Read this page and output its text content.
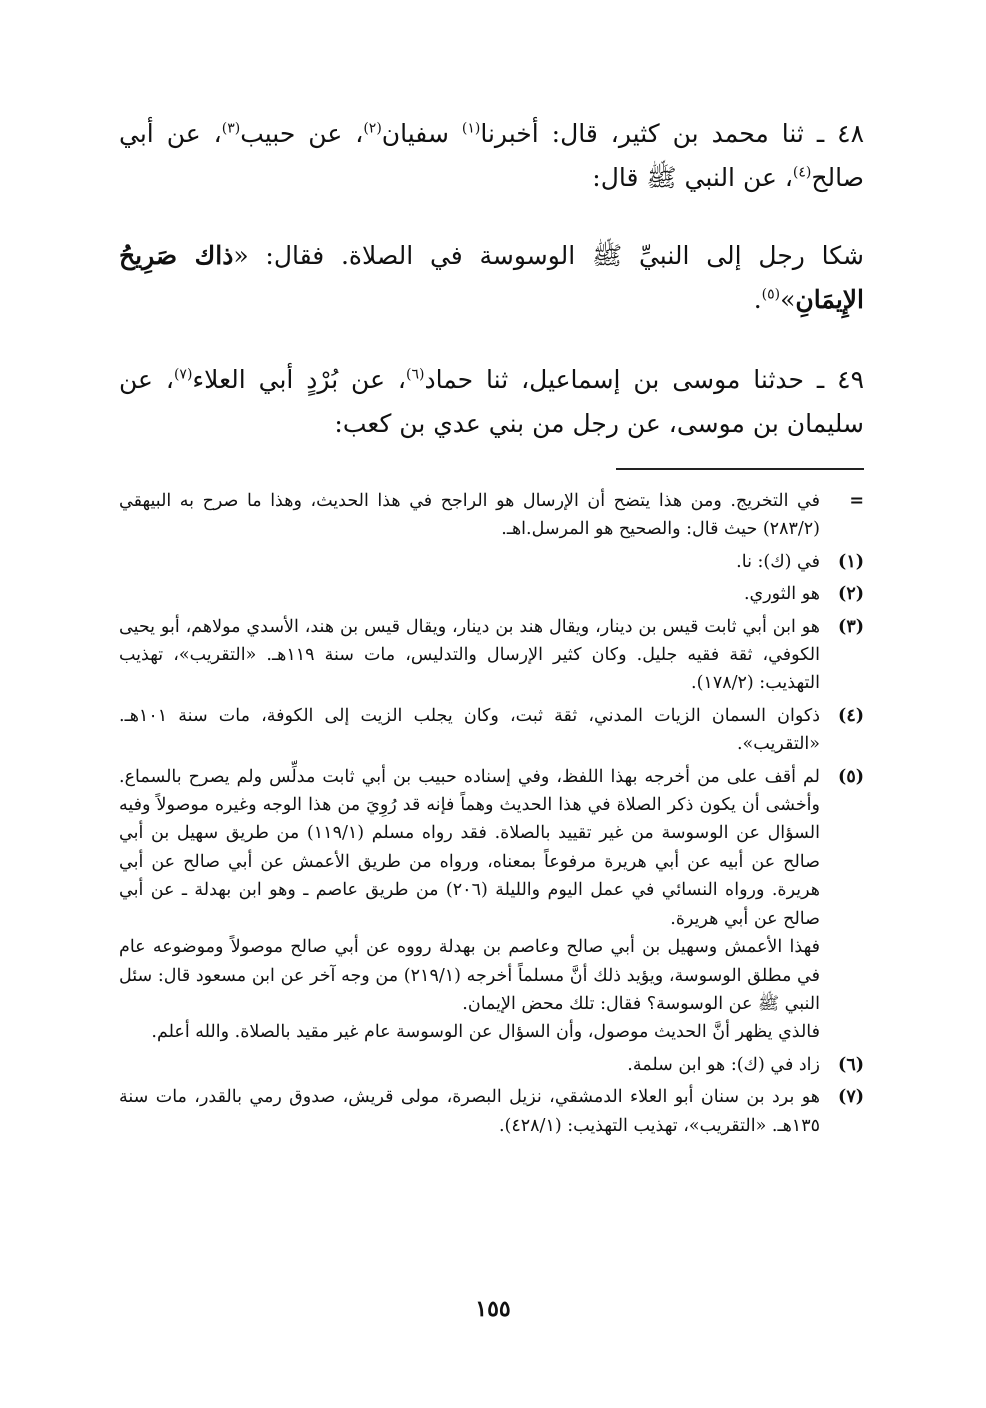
٤٨ ـ ثنا محمد بن كثير، قال: أخبرنا$^{(١)}$ سفيان$^{(٢)}$، عن حبيب$^{(٣)}$، عن أبي صالح$^{(٤)}$، عن النبي ﷺ قال:

شكا رجل إلى النبيِّ ﷺ الوسوسة في الصلاة. فقال: «ذاك صَرِيحُ الإِيمَانِ»$^{(٥)}$.

٤٩ ـ حدثنا موسى بن إسماعيل، ثنا حماد$^{(٦)}$، عن بُرْدٍ أبي العلاء$^{(٧)}$، عن سليمان بن موسى، عن رجل من بني عدي بن كعب:

=
في التخريج. ومن هذا يتضح أن الإرسال هو الراجح في هذا الحديث، وهذا ما صرح به البيهقي (٢٨٣/٢) حيث قال: والصحيح هو المرسل.اهـ.
(١)
في (ك): نا.
(٢)
هو الثوري.
(٣)
هو ابن أبي ثابت قيس بن دينار، ويقال هند بن دينار، ويقال قيس بن هند، الأسدي مولاهم، أبو يحيى الكوفي، ثقة فقيه جليل. وكان كثير الإرسال والتدليس، مات سنة ١١٩هـ. «التقريب»، تهذيب التهذيب: (١٧٨/٢).
(٤)
ذكوان السمان الزيات المدني، ثقة ثبت، وكان يجلب الزيت إلى الكوفة، مات سنة ١٠١هـ. «التقريب».
(٥)
لم أقف على من أخرجه بهذا اللفظ، وفي إسناده حبيب بن أبي ثابت مدلِّس ولم يصرح بالسماع. وأخشى أن يكون ذكر الصلاة في هذا الحديث وهماً فإنه قد رُوِيَ من هذا الوجه وغيره موصولاً وفيه السؤال عن الوسوسة من غير تقييد بالصلاة. فقد رواه مسلم (١١٩/١) من طريق سهيل بن أبي صالح عن أبيه عن أبي هريرة مرفوعاً بمعناه، ورواه من طريق الأعمش عن أبي صالح عن أبي هريرة. ورواه النسائي في عمل اليوم والليلة (٢٠٦) من طريق عاصم ـ وهو ابن بهدلة ـ عن أبي صالح عن أبي هريرة.

فهذا الأعمش وسهيل بن أبي صالح وعاصم بن بهدلة رووه عن أبي صالح موصولاً وموضوعه عام في مطلق الوسوسة، ويؤيد ذلك أنَّ مسلماً أخرجه (٢١٩/١) من وجه آخر عن ابن مسعود قال: سئل النبي ﷺ عن الوسوسة؟ فقال: تلك محض الإيمان.

فالذي يظهر أنَّ الحديث موصول، وأن السؤال عن الوسوسة عام غير مقيد بالصلاة. والله أعلم.

(٦)
زاد في (ك): هو ابن سلمة.
(٧)
هو برد بن سنان أبو العلاء الدمشقي، نزيل البصرة، مولى قريش، صدوق رمي بالقدر، مات سنة ١٣٥هـ. «التقريب»، تهذيب التهذيب: (٤٢٨/١).
١٥٥
